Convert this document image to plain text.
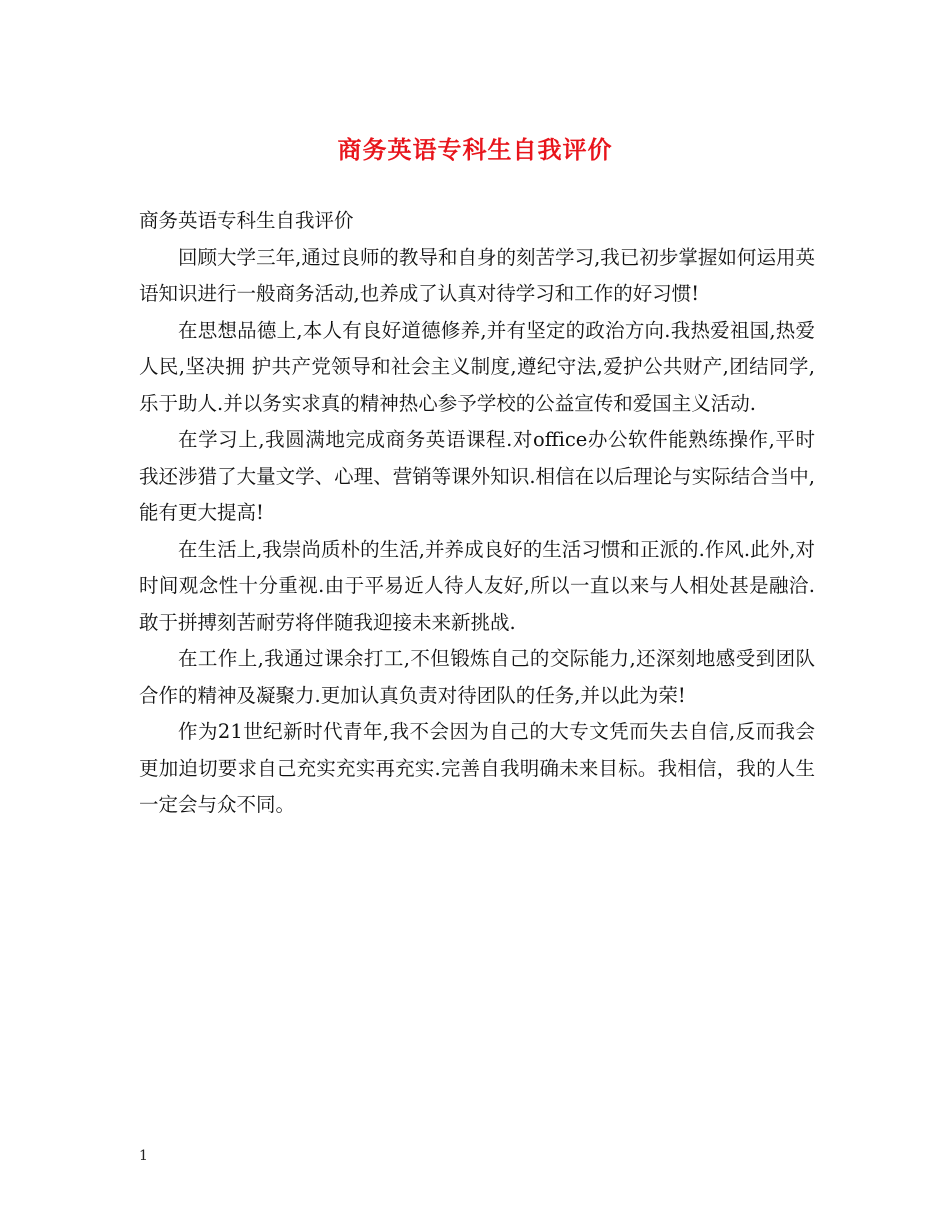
商务英语专科生自我评价

商务英语专科生自我评价

回顾大学三年,通过良师的教导和自身的刻苦学习,我已初步掌握如何运用英语知识进行一般商务活动,也养成了认真对待学习和工作的好习惯!

在思想品德上,本人有良好道德修养,并有坚定的政治方向.我热爱祖国,热爱人民,坚决拥 护共产党领导和社会主义制度,遵纪守法,爱护公共财产,团结同学,乐于助人.并以务实求真的精神热心参予学校的公益宣传和爱国主义活动.

在学习上,我圆满地完成商务英语课程.对office办公软件能熟练操作,平时我还涉猎了大量文学、心理、营销等课外知识.相信在以后理论与实际结合当中,能有更大提高!

在生活上,我崇尚质朴的生活,并养成良好的生活习惯和正派的.作风.此外,对时间观念性十分重视.由于平易近人待人友好,所以一直以来与人相处甚是融洽.敢于拼搏刻苦耐劳将伴随我迎接未来新挑战.

在工作上,我通过课余打工,不但锻炼自己的交际能力,还深刻地感受到团队合作的精神及凝聚力.更加认真负责对待团队的任务,并以此为荣!

作为21世纪新时代青年,我不会因为自己的大专文凭而失去自信,反而我会更加迫切要求自己充实充实再充实.完善自我明确未来目标。我相信，我的人生一定会与众不同。

1
